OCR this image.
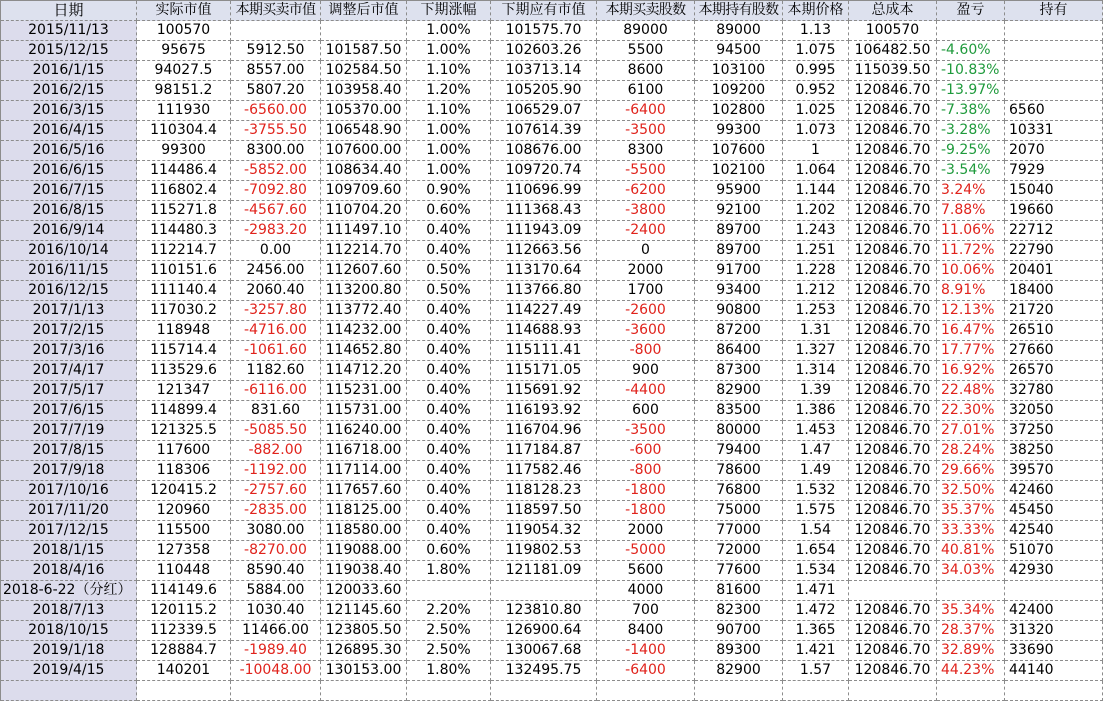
日期	实际市值	本期买卖市值	调整后市值	下期涨幅	下期应有市值	本期买卖股数	本期持有股数	本期价格	总成本	盈亏	持有
2015/11/13	100570			1.00%	101575.70	89000	89000	1.13	100570		
2015/12/15	95675	5912.50	101587.50	1.00%	102603.26	5500	94500	1.075	106482.50	-4.60%	
2016/1/15	94027.5	8557.00	102584.50	1.10%	103713.14	8600	103100	0.995	115039.50	-10.83%	
2016/2/15	98151.2	5807.20	103958.40	1.20%	105205.90	6100	109200	0.952	120846.70	-13.97%	
2016/3/15	111930	-6560.00	105370.00	1.10%	106529.07	-6400	102800	1.025	120846.70	-7.38%	6560
2016/4/15	110304.4	-3755.50	106548.90	1.00%	107614.39	-3500	99300	1.073	120846.70	-3.28%	10331
2016/5/16	99300	8300.00	107600.00	1.00%	108676.00	8300	107600	1	120846.70	-9.25%	2070
2016/6/15	114486.4	-5852.00	108634.40	1.00%	109720.74	-5500	102100	1.064	120846.70	-3.54%	7929
2016/7/15	116802.4	-7092.80	109709.60	0.90%	110696.99	-6200	95900	1.144	120846.70	3.24%	15040
2016/8/15	115271.8	-4567.60	110704.20	0.60%	111368.43	-3800	92100	1.202	120846.70	7.88%	19660
2016/9/14	114480.3	-2983.20	111497.10	0.40%	111943.09	-2400	89700	1.243	120846.70	11.06%	22712
2016/10/14	112214.7	0.00	112214.70	0.40%	112663.56	0	89700	1.251	120846.70	11.72%	22790
2016/11/15	110151.6	2456.00	112607.60	0.50%	113170.64	2000	91700	1.228	120846.70	10.06%	20401
2016/12/15	111140.4	2060.40	113200.80	0.50%	113766.80	1700	93400	1.212	120846.70	8.91%	18400
2017/1/13	117030.2	-3257.80	113772.40	0.40%	114227.49	-2600	90800	1.253	120846.70	12.13%	21720
2017/2/15	118948	-4716.00	114232.00	0.40%	114688.93	-3600	87200	1.31	120846.70	16.47%	26510
2017/3/16	115714.4	-1061.60	114652.80	0.40%	115111.41	-800	86400	1.327	120846.70	17.77%	27660
2017/4/17	113529.6	1182.60	114712.20	0.40%	115171.05	900	87300	1.314	120846.70	16.92%	26570
2017/5/17	121347	-6116.00	115231.00	0.40%	115691.92	-4400	82900	1.39	120846.70	22.48%	32780
2017/6/15	114899.4	831.60	115731.00	0.40%	116193.92	600	83500	1.386	120846.70	22.30%	32050
2017/7/19	121325.5	-5085.50	116240.00	0.40%	116704.96	-3500	80000	1.453	120846.70	27.01%	37250
2017/8/15	117600	-882.00	116718.00	0.40%	117184.87	-600	79400	1.47	120846.70	28.24%	38250
2017/9/18	118306	-1192.00	117114.00	0.40%	117582.46	-800	78600	1.49	120846.70	29.66%	39570
2017/10/16	120415.2	-2757.60	117657.60	0.40%	118128.23	-1800	76800	1.532	120846.70	32.50%	42460
2017/11/20	120960	-2835.00	118125.00	0.40%	118597.50	-1800	75000	1.575	120846.70	35.37%	45450
2017/12/15	115500	3080.00	118580.00	0.40%	119054.32	2000	77000	1.54	120846.70	33.33%	42540
2018/1/15	127358	-8270.00	119088.00	0.60%	119802.53	-5000	72000	1.654	120846.70	40.81%	51070
2018/4/16	110448	8590.40	119038.40	1.80%	121181.09	5600	77600	1.534	120846.70	34.03%	42930
2018-6-22（分红）	114149.6	5884.00	120033.60			4000	81600	1.471			
2018/7/13	120115.2	1030.40	121145.60	2.20%	123810.80	700	82300	1.472	120846.70	35.34%	42400
2018/10/15	112339.5	11466.00	123805.50	2.50%	126900.64	8400	90700	1.365	120846.70	28.37%	31320
2019/1/18	128884.7	-1989.40	126895.30	2.50%	130067.68	-1400	89300	1.421	120846.70	32.89%	33690
2019/4/15	140201	-10048.00	130153.00	1.80%	132495.75	-6400	82900	1.57	120846.70	44.23%	44140
